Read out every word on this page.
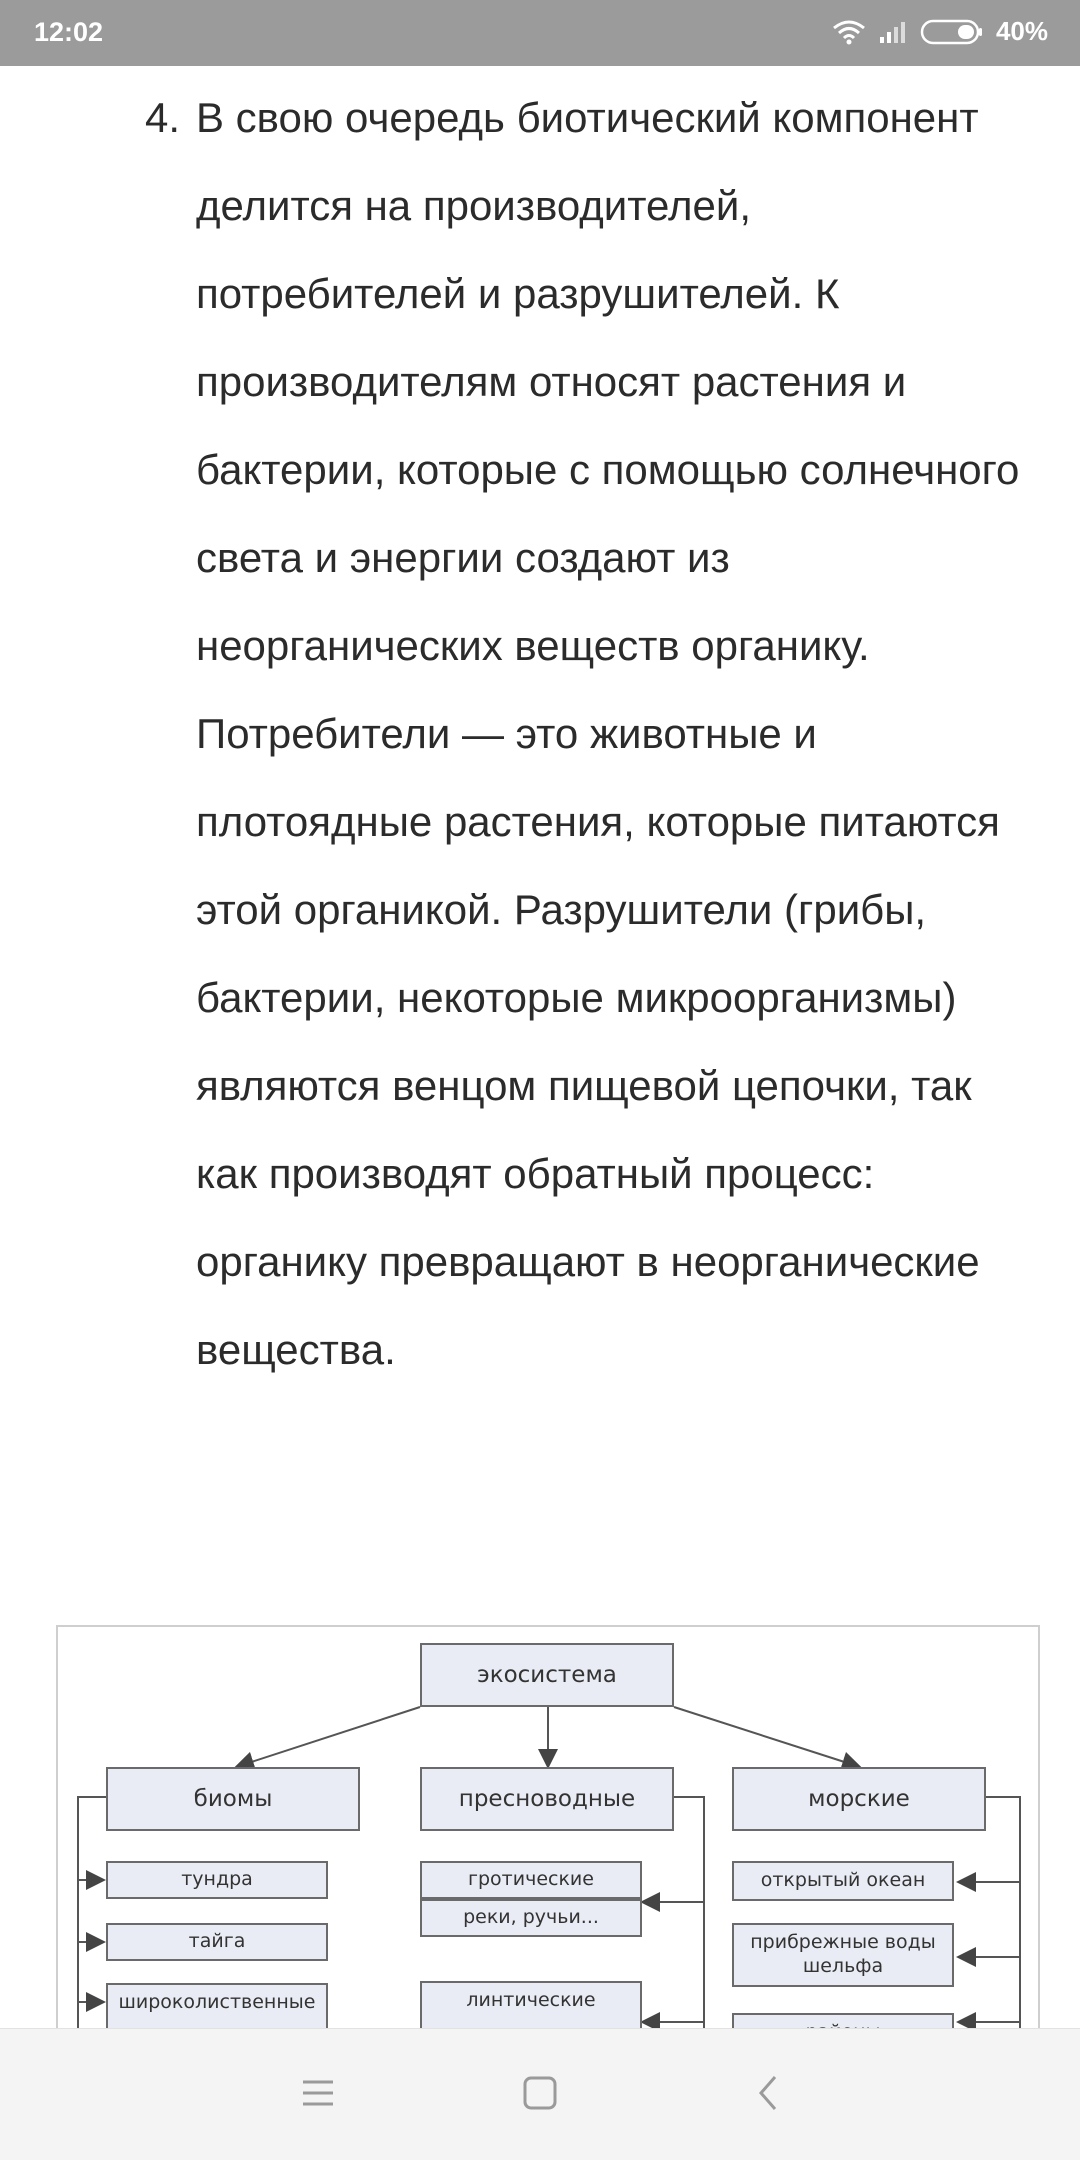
12:02	40%
4. В свою очередь биотический компонент делится на производителей, потребителей и разрушителей. К производителям относят растения и бактерии, которые с помощью солнечного света и энергии создают из неорганических веществ органику. Потребители — это животные и плотоядные растения, которые питаются этой органикой. Разрушители (грибы, бактерии, некоторые микроорганизмы) являются венцом пищевой цепочки, так как производят обратный процесс: органику превращают в неорганические вещества.
экосистема
биомы	пресноводные	морские
тундра
тайга
широколиственные
гротические
реки, ручьи...
линтические
открытый океан
прибрежные воды шельфа
